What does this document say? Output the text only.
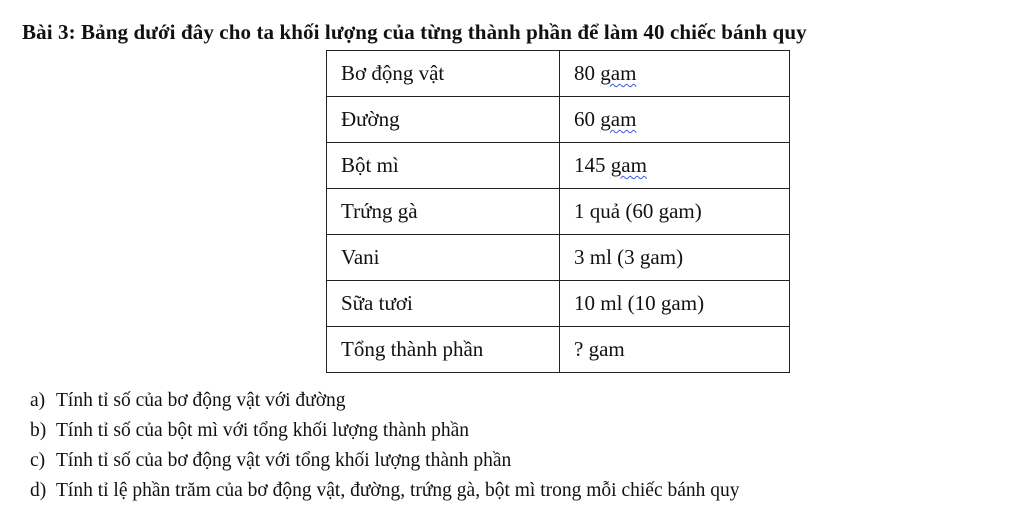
Bài 3: Bảng dưới đây cho ta khối lượng của từng thành phần để làm 40 chiếc bánh quy
Bơ động vật	80 gam
Đường	60 gam
Bột mì	145 gam
Trứng gà	1 quả (60 gam)
Vani	3 ml (3 gam)
Sữa tươi	10 ml (10 gam)
Tổng thành phần	? gam
a) Tính tỉ số của bơ động vật với đường
b) Tính tỉ số của bột mì với tổng khối lượng thành phần
c) Tính tỉ số của bơ động vật với tổng khối lượng thành phần
d) Tính tỉ lệ phần trăm của bơ động vật, đường, trứng gà, bột mì trong mỗi chiếc bánh quy
